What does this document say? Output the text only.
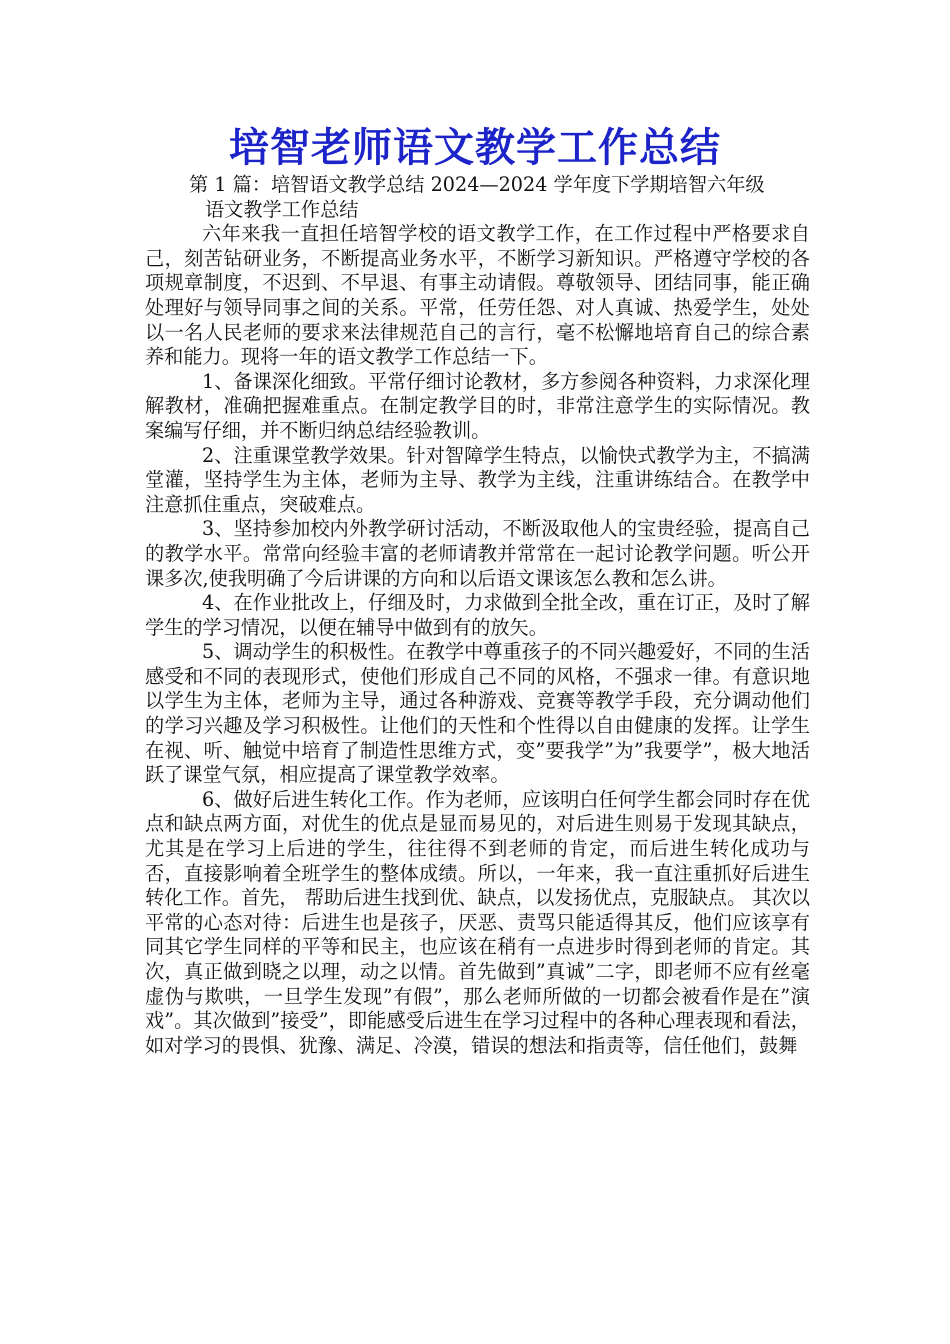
培智老师语文教学工作总结

第 1 篇：培智语文教学总结 2024—2024 学年度下学期培智六年级

语文教学工作总结

六年来我一直担任培智学校的语文教学工作，在工作过程中严格要求自己，刻苦钻研业务，不断提高业务水平，不断学习新知识。严格遵守学校的各项规章制度，不迟到、不早退、有事主动请假。尊敬领导、团结同事，能正确处理好与领导同事之间的关系。平常，任劳任怨、对人真诚、热爱学生，处处以一名人民老师的要求来法律规范自己的言行，毫不松懈地培育自己的综合素养和能力。现将一年的语文教学工作总结一下。

1、备课深化细致。平常仔细讨论教材，多方参阅各种资料，力求深化理解教材，准确把握难重点。在制定教学目的时，非常注意学生的实际情况。教案编写仔细，并不断归纳总结经验教训。

2、注重课堂教学效果。针对智障学生特点，以愉快式教学为主，不搞满堂灌，坚持学生为主体，老师为主导、教学为主线，注重讲练结合。在教学中注意抓住重点，突破难点。

3、坚持参加校内外教学研讨活动，不断汲取他人的宝贵经验，提高自己的教学水平。常常向经验丰富的老师请教并常常在一起讨论教学问题。听公开课多次,使我明确了今后讲课的方向和以后语文课该怎么教和怎么讲。

4、在作业批改上，仔细及时，力求做到全批全改，重在订正，及时了解学生的学习情况，以便在辅导中做到有的放矢。

5、调动学生的积极性。在教学中尊重孩子的不同兴趣爱好，不同的生活感受和不同的表现形式，使他们形成自己不同的风格，不强求一律。有意识地以学生为主体，老师为主导，通过各种游戏、竞赛等教学手段，充分调动他们的学习兴趣及学习积极性。让他们的天性和个性得以自由健康的发挥。让学生在视、听、触觉中培育了制造性思维方式，变”要我学”为”我要学”，极大地活跃了课堂气氛，相应提高了课堂教学效率。

6、做好后进生转化工作。作为老师，应该明白任何学生都会同时存在优点和缺点两方面，对优生的优点是显而易见的，对后进生则易于发现其缺点，尤其是在学习上后进的学生，往往得不到老师的肯定，而后进生转化成功与否，直接影响着全班学生的整体成绩。所以，一年来，我一直注重抓好后进生转化工作。首先， 帮助后进生找到优、缺点，以发扬优点，克服缺点。 其次以平常的心态对待：后进生也是孩子，厌恶、责骂只能适得其反，他们应该享有同其它学生同样的平等和民主，也应该在稍有一点进步时得到老师的肯定。其次，真正做到晓之以理，动之以情。首先做到”真诚”二字，即老师不应有丝毫虚伪与欺哄，一旦学生发现”有假”，那么老师所做的一切都会被看作是在”演戏”。其次做到”接受”，即能感受后进生在学习过程中的各种心理表现和看法，如对学习的畏惧、犹豫、满足、冷漠，错误的想法和指责等，信任他们，鼓舞
